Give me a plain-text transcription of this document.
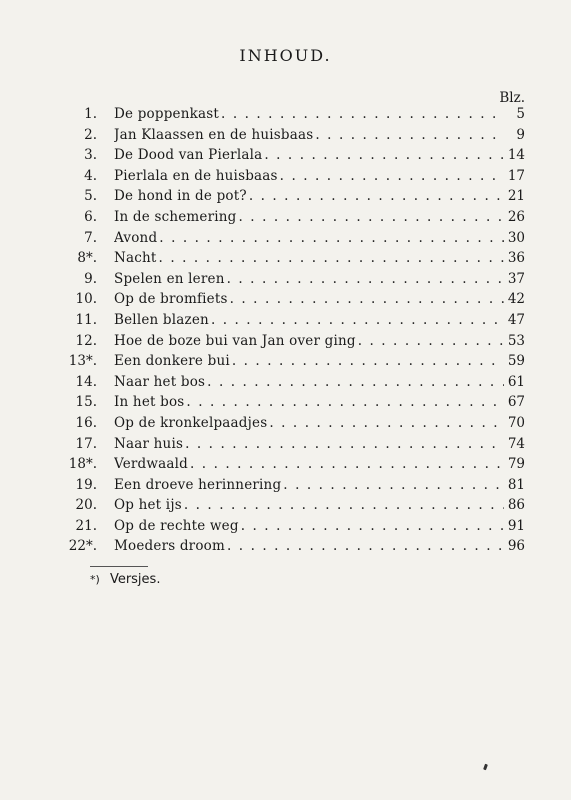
INHOUD.
Blz.
1. De poppenkast . . .	5
2. Jan Klaassen en de huisbaas . . .	9
3. De Dood van Pierlala . . .	14
4. Pierlala en de huisbaas . . .	17
5. De hond in de pot? . . .	21
6. In de schemering . . .	26
7. Avond . . .	30
8*. Nacht . . .	36
9. Spelen en leren . . .	37
10. Op de bromfiets . . .	42
11. Bellen blazen . . .	47
12. Hoe de boze bui van Jan over ging . . .	53
13*. Een donkere bui . . .	59
14. Naar het bos . . .	61
15. In het bos . . .	67
16. Op de kronkelpaadjes . . .	70
17. Naar huis . . .	74
18*. Verdwaald . . .	79
19. Een droeve herinnering . . .	81
20. Op het ijs . . .	86
21. Op de rechte weg . . .	91
22*. Moeders droom . . .	96
*) Versjes.
